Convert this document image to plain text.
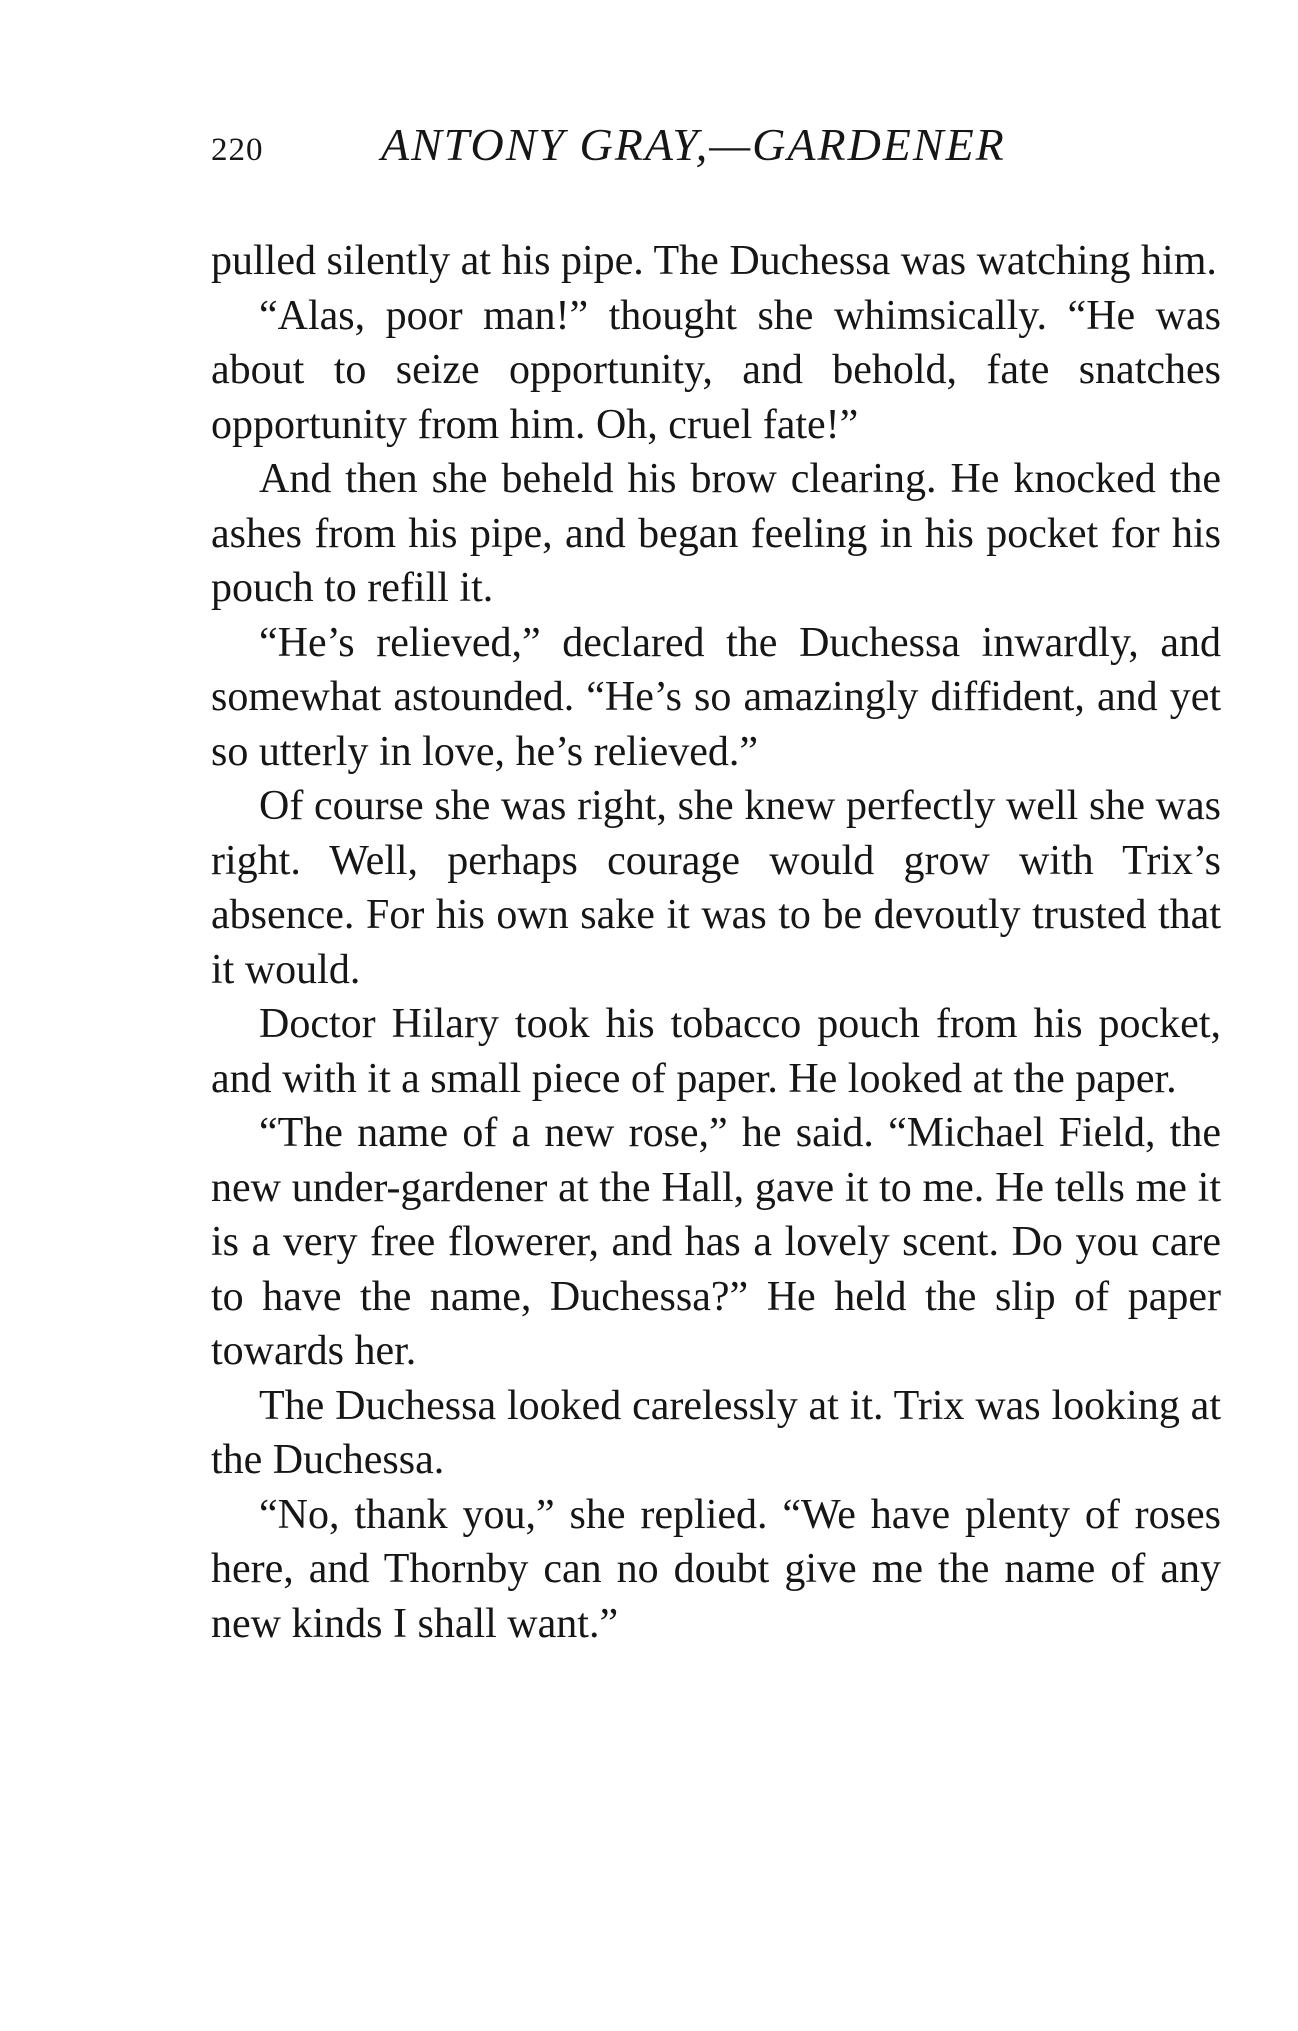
220	ANTONY GRAY,—GARDENER

pulled silently at his pipe. The Duchessa was watching him.

“Alas, poor man!” thought she whimsically. “He was about to seize opportunity, and behold, fate snatches opportunity from him. Oh, cruel fate!”

And then she beheld his brow clearing. He knocked the ashes from his pipe, and began feeling in his pocket for his pouch to refill it.

“He’s relieved,” declared the Duchessa inwardly, and somewhat astounded. “He’s so amazingly diffident, and yet so utterly in love, he’s relieved.”

Of course she was right, she knew perfectly well she was right. Well, perhaps courage would grow with Trix’s absence. For his own sake it was to be devoutly trusted that it would.

Doctor Hilary took his tobacco pouch from his pocket, and with it a small piece of paper. He looked at the paper.

“The name of a new rose,” he said. “Michael Field, the new under-gardener at the Hall, gave it to me. He tells me it is a very free flowerer, and has a lovely scent. Do you care to have the name, Duchessa?” He held the slip of paper towards her.

The Duchessa looked carelessly at it. Trix was looking at the Duchessa.

“No, thank you,” she replied. “We have plenty of roses here, and Thornby can no doubt give me the name of any new kinds I shall want.”
